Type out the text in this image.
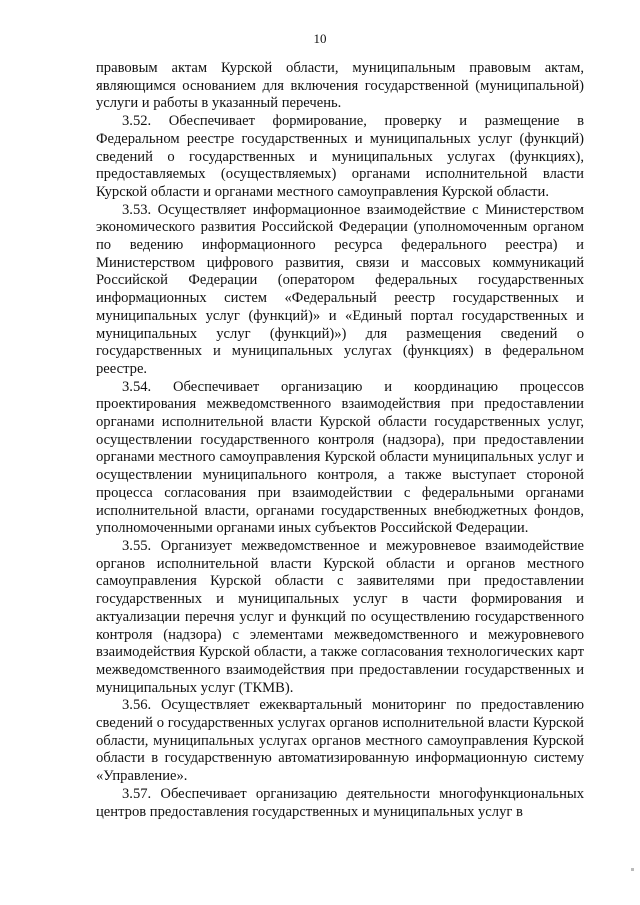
10

правовым актам Курской области, муниципальным правовым актам, являющимся основанием для включения государственной (муниципальной) услуги и работы в указанный перечень.

3.52. Обеспечивает формирование, проверку и размещение в Федеральном реестре государственных и муниципальных услуг (функций) сведений о государственных и муниципальных услугах (функциях), предоставляемых (осуществляемых) органами исполнительной власти Курской области и органами местного самоуправления Курской области.

3.53. Осуществляет информационное взаимодействие с Министерством экономического развития Российской Федерации (уполномоченным органом по ведению информационного ресурса федерального реестра) и Министерством цифрового развития, связи и массовых коммуникаций Российской Федерации (оператором федеральных государственных информационных систем «Федеральный реестр государственных и муниципальных услуг (функций)» и «Единый портал государственных и муниципальных услуг (функций)») для размещения сведений о государственных и муниципальных услугах (функциях) в федеральном реестре.

3.54. Обеспечивает организацию и координацию процессов проектирования межведомственного взаимодействия при предоставлении органами исполнительной власти Курской области государственных услуг, осуществлении государственного контроля (надзора), при предоставлении органами местного самоуправления Курской области муниципальных услуг и осуществлении муниципального контроля, а также выступает стороной процесса согласования при взаимодействии с федеральными органами исполнительной власти, органами государственных внебюджетных фондов, уполномоченными органами иных субъектов Российской Федерации.

3.55. Организует межведомственное и межуровневое взаимодействие органов исполнительной власти Курской области и органов местного самоуправления Курской области с заявителями при предоставлении государственных и муниципальных услуг в части формирования и актуализации перечня услуг и функций по осуществлению государственного контроля (надзора) с элементами межведомственного и межуровневого взаимодействия Курской области, а также согласования технологических карт межведомственного взаимодействия при предоставлении государственных и муниципальных услуг (ТКМВ).

3.56. Осуществляет ежеквартальный мониторинг по предоставлению сведений о государственных услугах органов исполнительной власти Курской области, муниципальных услугах органов местного самоуправления Курской области в государственную автоматизированную информационную систему «Управление».

3.57. Обеспечивает организацию деятельности многофункциональных центров предоставления государственных и муниципальных услуг в
